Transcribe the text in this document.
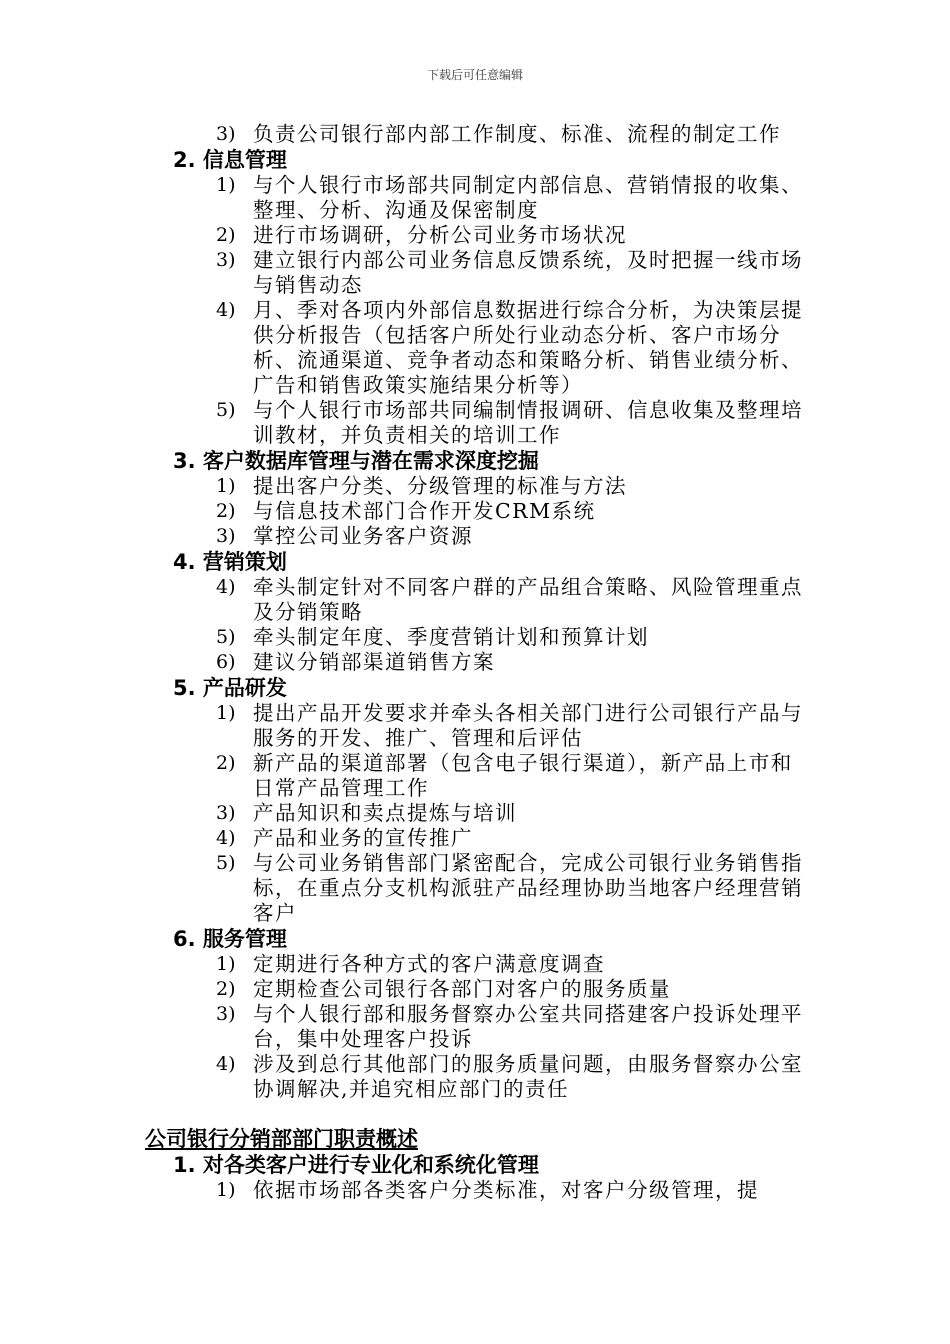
下载后可任意编辑
3) 负责公司银行部内部工作制度、标准、流程的制定工作
2. 信息管理
1) 与个人银行市场部共同制定内部信息、营销情报的收集、整理、分析、沟通及保密制度
2) 进行市场调研，分析公司业务市场状况
3) 建立银行内部公司业务信息反馈系统，及时把握一线市场与销售动态
4) 月、季对各项内外部信息数据进行综合分析，为决策层提供分析报告（包括客户所处行业动态分析、客户市场分析、流通渠道、竞争者动态和策略分析、销售业绩分析、广告和销售政策实施结果分析等）
5) 与个人银行市场部共同编制情报调研、信息收集及整理培训教材，并负责相关的培训工作
3. 客户数据库管理与潜在需求深度挖掘
1) 提出客户分类、分级管理的标准与方法
2) 与信息技术部门合作开发CRM系统
3) 掌控公司业务客户资源
4. 营销策划
4) 牵头制定针对不同客户群的产品组合策略、风险管理重点及分销策略
5) 牵头制定年度、季度营销计划和预算计划
6) 建议分销部渠道销售方案
5. 产品研发
1) 提出产品开发要求并牵头各相关部门进行公司银行产品与服务的开发、推广、管理和后评估
2) 新产品的渠道部署（包含电子银行渠道），新产品上市和日常产品管理工作
3) 产品知识和卖点提炼与培训
4) 产品和业务的宣传推广
5) 与公司业务销售部门紧密配合，完成公司银行业务销售指标，在重点分支机构派驻产品经理协助当地客户经理营销客户
6. 服务管理
1) 定期进行各种方式的客户满意度调查
2) 定期检查公司银行各部门对客户的服务质量
3) 与个人银行部和服务督察办公室共同搭建客户投诉处理平台，集中处理客户投诉
4) 涉及到总行其他部门的服务质量问题，由服务督察办公室协调解决,并追究相应部门的责任
公司银行分销部部门职责概述
1. 对各类客户进行专业化和系统化管理
1) 依据市场部各类客户分类标准，对客户分级管理，提
